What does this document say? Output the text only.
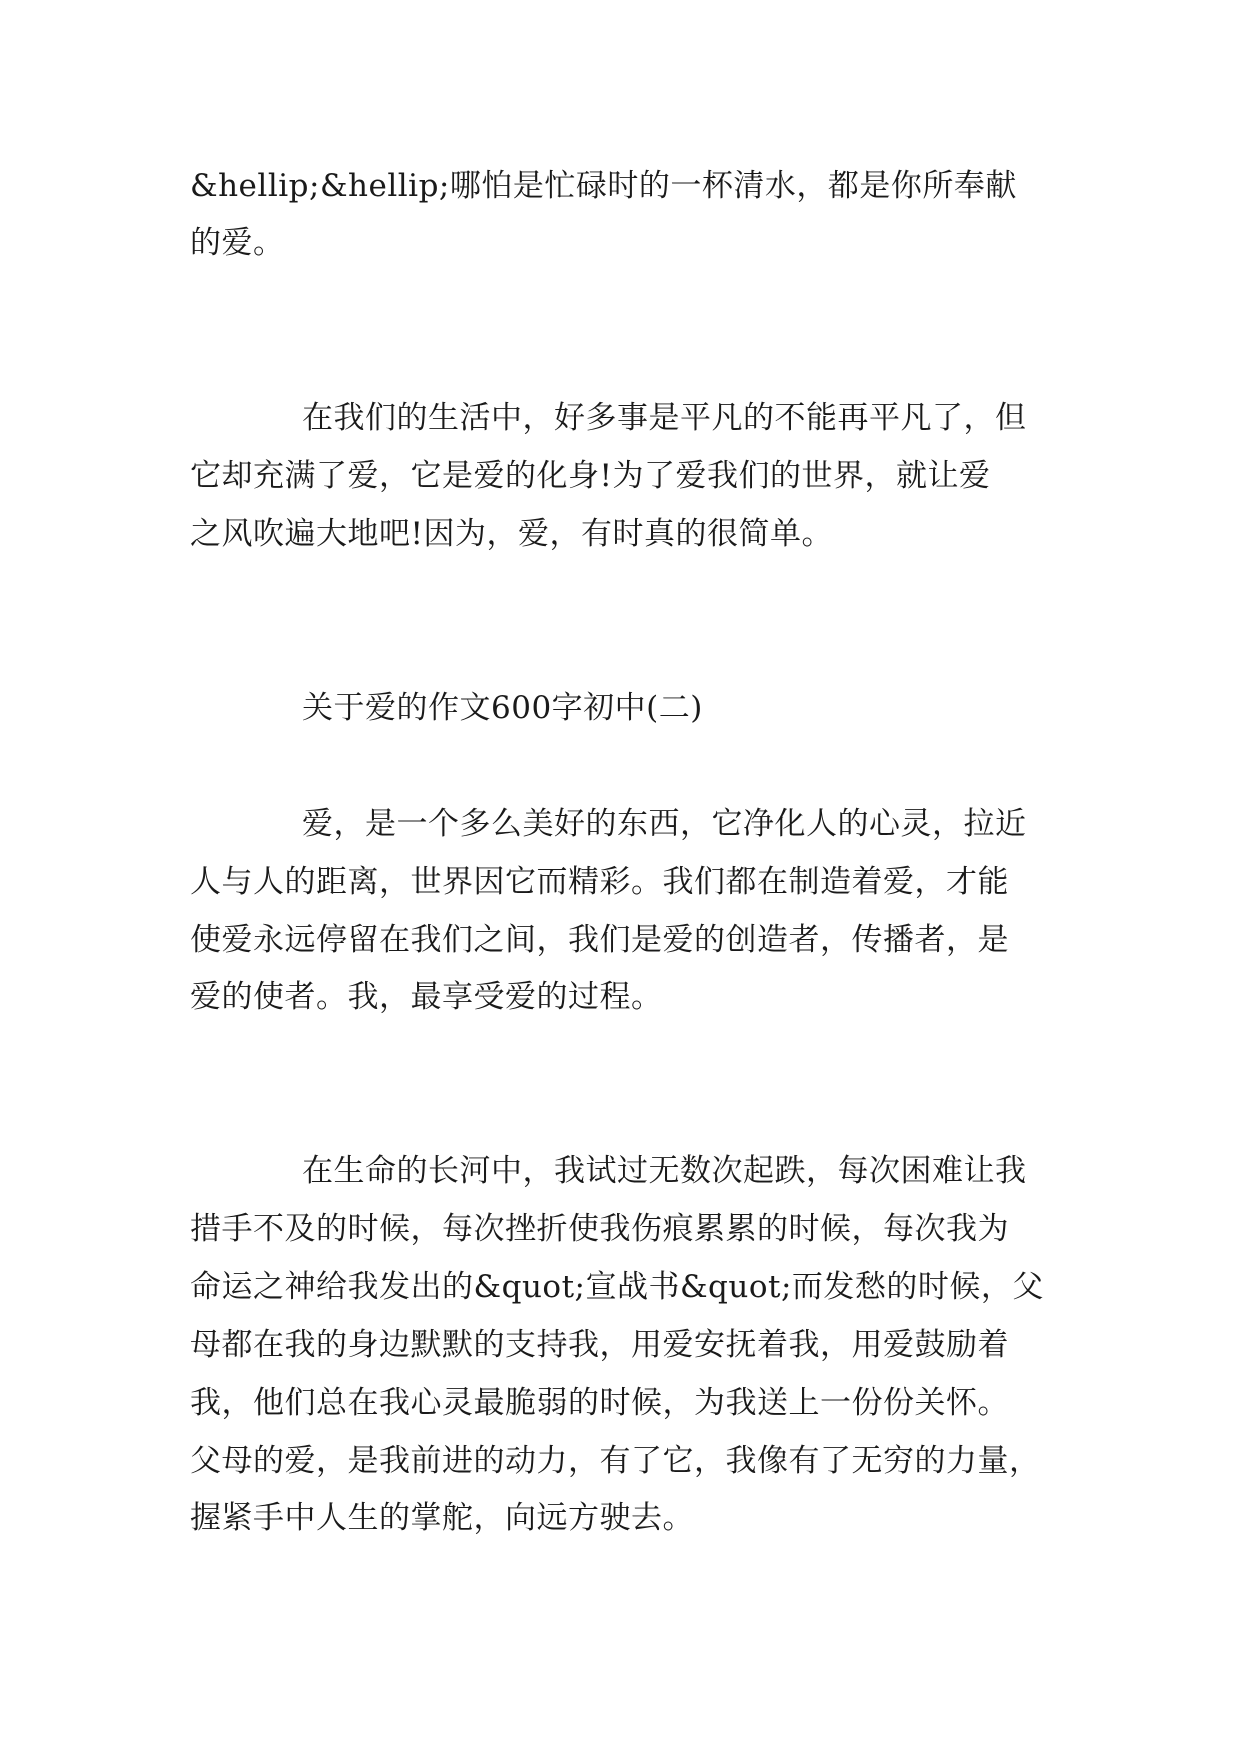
&hellip;&hellip;哪怕是忙碌时的一杯清水，都是你所奉献
的爱。
在我们的生活中，好多事是平凡的不能再平凡了，但
它却充满了爱，它是爱的化身!为了爱我们的世界，就让爱
之风吹遍大地吧!因为，爱，有时真的很简单。
关于爱的作文600字初中(二)
爱，是一个多么美好的东西，它净化人的心灵，拉近
人与人的距离，世界因它而精彩。我们都在制造着爱，才能
使爱永远停留在我们之间，我们是爱的创造者，传播者，是
爱的使者。我，最享受爱的过程。
在生命的长河中，我试过无数次起跌，每次困难让我
措手不及的时候，每次挫折使我伤痕累累的时候，每次我为
命运之神给我发出的&quot;宣战书&quot;而发愁的时候，父
母都在我的身边默默的支持我，用爱安抚着我，用爱鼓励着
我，他们总在我心灵最脆弱的时候，为我送上一份份关怀。
父母的爱，是我前进的动力，有了它，我像有了无穷的力量，
握紧手中人生的掌舵，向远方驶去。
